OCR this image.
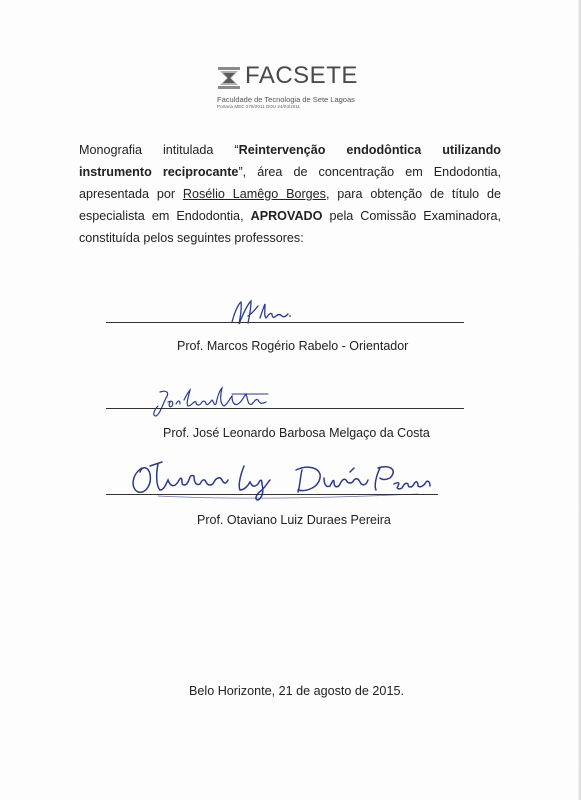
FACSETE
Faculdade de Tecnologia de Sete Lagoas
Portaria MEC 278/2011 DOU 24/03/2011
Monografia intitulada “Reintervenção endodôntica utilizando instrumento reciprocante”, área de concentração em Endodontia, apresentada por Rosélio Lamêgo Borges, para obtenção de título de especialista em Endodontia, APROVADO pela Comissão Examinadora, constituída pelos seguintes professores:
Prof. Marcos Rogério Rabelo - Orientador
Prof. José Leonardo Barbosa Melgaço da Costa
Prof. Otaviano Luiz Duraes Pereira
Belo Horizonte, 21 de agosto de 2015.
